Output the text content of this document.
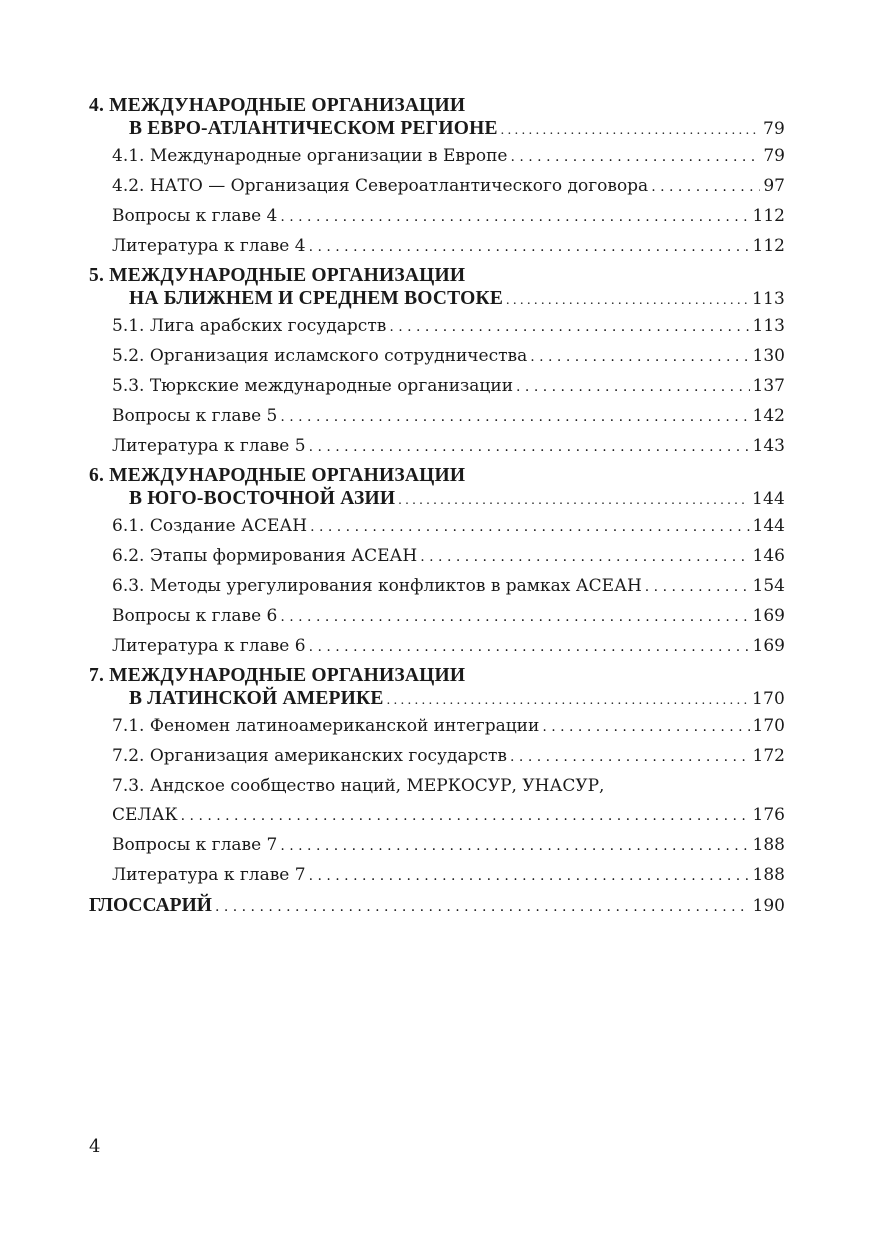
4. МЕЖДУНАРОДНЫЕ ОРГАНИЗАЦИИ
В ЕВРО-АТЛАНТИЧЕСКОМ РЕГИОНЕ . . .	79
4.1. Международные организации в Европе . . .	79
4.2. НАТО — Организация Североатлантического договора . . .	97
Вопросы к главе 4 . . .	112
Литература к главе 4 . . .	112
5. МЕЖДУНАРОДНЫЕ ОРГАНИЗАЦИИ
НА БЛИЖНЕМ И СРЕДНЕМ ВОСТОКЕ . . .	113
5.1. Лига арабских государств . . .	113
5.2. Организация исламского сотрудничества . . .	130
5.3. Тюркские международные организации . . .	137
Вопросы к главе 5 . . .	142
Литература к главе 5 . . .	143
6. МЕЖДУНАРОДНЫЕ ОРГАНИЗАЦИИ
В ЮГО-ВОСТОЧНОЙ АЗИИ . . .	144
6.1. Создание АСЕАН . . .	144
6.2. Этапы формирования АСЕАН . . .	146
6.3. Методы урегулирования конфликтов в рамках АСЕАН . . .	154
Вопросы к главе 6 . . .	169
Литература к главе 6 . . .	169
7. МЕЖДУНАРОДНЫЕ ОРГАНИЗАЦИИ
В ЛАТИНСКОЙ АМЕРИКЕ . . .	170
7.1. Феномен латиноамериканской интеграции . . .	170
7.2. Организация американских государств . . .	172
7.3. Андское сообщество наций, МЕРКОСУР, УНАСУР,
СЕЛАК . . .	176
Вопросы к главе 7 . . .	188
Литература к главе 7 . . .	188
ГЛОССАРИЙ . . .	190
4
